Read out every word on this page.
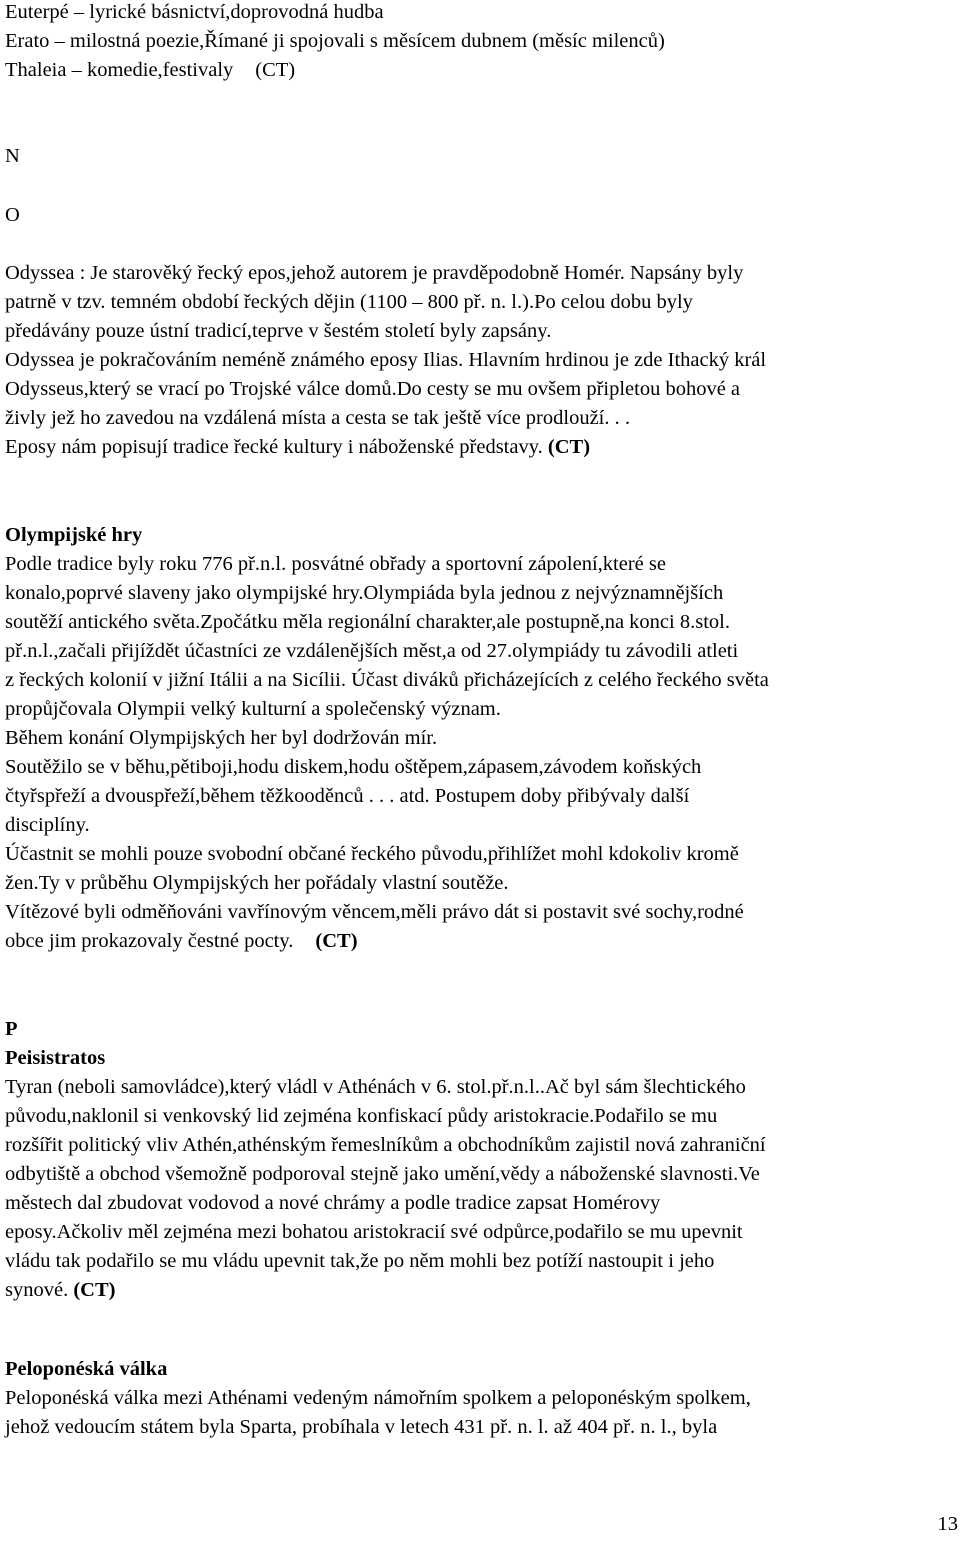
Euterpé – lyrické básnictví,doprovodná hudba
Erato – milostná poezie,Římané ji spojovali s měsícem dubnem (měsíc milenců)
Thaleia – komedie,festivaly (CT)
N
O
Odyssea : Je starověký řecký epos,jehož autorem je pravděpodobně Homér. Napsány byly
patrně v tzv. temném období řeckých dějin (1100 – 800 př. n. l.).Po celou dobu byly
předávány pouze ústní tradicí,teprve v šestém století byly zapsány.
Odyssea je pokračováním neméně známého eposy Ilias. Hlavním hrdinou je zde Ithacký král
Odysseus,který se vrací po Trojské válce domů.Do cesty se mu ovšem připletou bohové a
živly jež ho zavedou na vzdálená místa a cesta se tak ještě více prodlouží. . .
Eposy nám popisují tradice řecké kultury i náboženské představy. (CT)
Olympijské hry
Podle tradice byly roku 776 př.n.l. posvátné obřady a sportovní zápolení,které se
konalo,poprvé slaveny jako olympijské hry.Olympiáda byla jednou z nejvýznamnějších
soutěží antického světa.Zpočátku měla regionální charakter,ale postupně,na konci 8.stol.
př.n.l.,začali přijíždět účastníci ze vzdálenějších měst,a od 27.olympiády tu závodili atleti
z řeckých kolonií v jižní Itálii a na Sicílii. Účast diváků přicházejících z celého řeckého světa
propůjčovala Olympii velký kulturní a společenský význam.
Během konání Olympijských her byl dodržován mír.
Soutěžilo se v běhu,pětiboji,hodu diskem,hodu oštěpem,zápasem,závodem koňských
čtyřspřeží a dvouspřeží,během těžkooděnců . . . atd. Postupem doby přibývaly další
disciplíny.
Účastnit se mohli pouze svobodní občané řeckého původu,přihlížet mohl kdokoliv kromě
žen.Ty v průběhu Olympijských her pořádaly vlastní soutěže.
Vítězové byli odměňováni vavřínovým věncem,měli právo dát si postavit své sochy,rodné
obce jim prokazovaly čestné pocty. (CT)
P
Peisistratos
Tyran (neboli samovládce),který vládl v Athénách v 6. stol.př.n.l..Ač byl sám šlechtického
původu,naklonil si venkovský lid zejména konfiskací půdy aristokracie.Podařilo se mu
rozšířit politický vliv Athén,athénským řemeslníkům a obchodníkům zajistil nová zahraniční
odbytiště a obchod všemožně podporoval stejně jako umění,vědy a náboženské slavnosti.Ve
městech dal zbudovat vodovod a nové chrámy a podle tradice zapsat Homérovy
eposy.Ačkoliv měl zejména mezi bohatou aristokracií své odpůrce,podařilo se mu upevnit
vládu tak podařilo se mu vládu upevnit tak,že po něm mohli bez potíží nastoupit i jeho
synové. (CT)
Peloponéská válka
Peloponéská válka mezi Athénami vedeným námořním spolkem a peloponéským spolkem,
jehož vedoucím státem byla Sparta, probíhala v letech 431 př. n. l. až 404 př. n. l., byla
13
